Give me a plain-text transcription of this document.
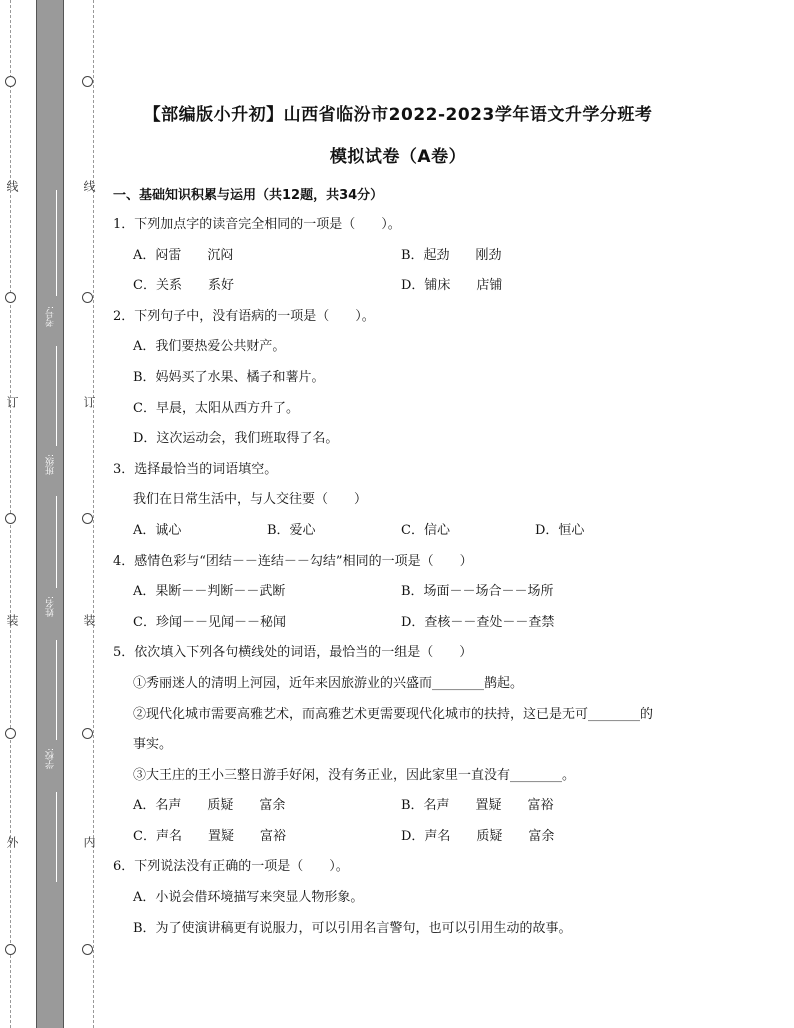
线
订
装
外
线
订
装
内
考号:
班级:
姓名:
学校:
【部编版小升初】山西省临汾市2022-2023学年语文升学分班考
模拟试卷（A卷）
一、基础知识积累与运用（共12题，共34分）
1．下列加点字的读音完全相同的一项是（　　）。
A．闷雷　　沉闷	B．起劲　　刚劲
C．关系　　系好	D．铺床　　店铺
2．下列句子中，没有语病的一项是（　　）。
A．我们要热爱公共财产。
B．妈妈买了水果、橘子和薯片。
C．早晨，太阳从西方升了。
D．这次运动会，我们班取得了名。
3．选择最恰当的词语填空。
我们在日常生活中，与人交往要（　　）
A．诚心	B．爱心	C．信心	D．恒心
4．感情色彩与“团结－－连结－－勾结”相同的一项是（　　）
A．果断－－判断－－武断	B．场面－－场合－－场所
C．珍闻－－见闻－－秘闻	D．查核－－查处－－查禁
5．依次填入下列各句横线处的词语，最恰当的一组是（　　）
①秀丽迷人的清明上河园，近年来因旅游业的兴盛而________鹊起。
②现代化城市需要高雅艺术，而高雅艺术更需要现代化城市的扶持，这已是无可________的
事实。
③大王庄的王小三整日游手好闲，没有务正业，因此家里一直没有________。
A．名声　　质疑　　富余	B．名声　　置疑　　富裕
C．声名　　置疑　　富裕	D．声名　　质疑　　富余
6．下列说法没有正确的一项是（　　）。
A．小说会借环境描写来突显人物形象。
B．为了使演讲稿更有说服力，可以引用名言警句，也可以引用生动的故事。
